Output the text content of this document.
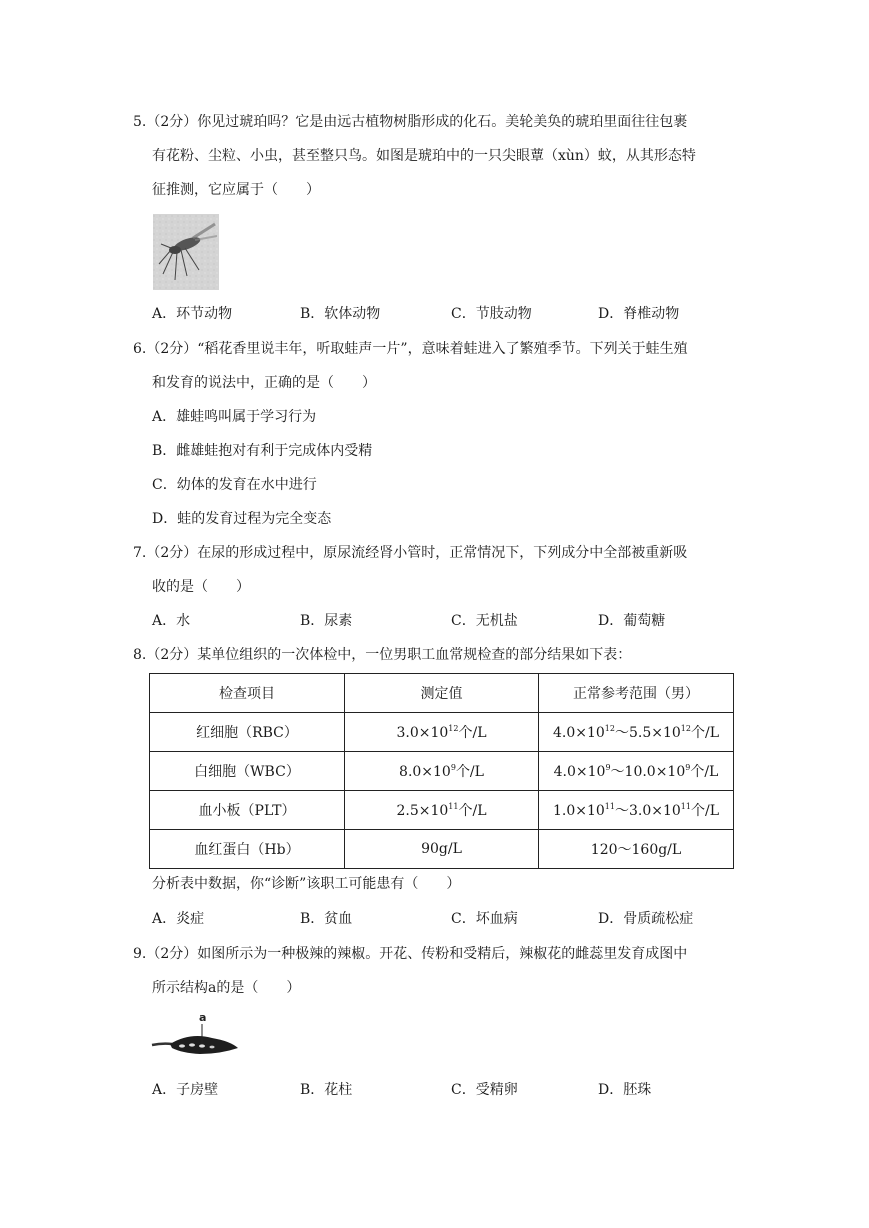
5.（2分）你见过琥珀吗？它是由远古植物树脂形成的化石。美轮美奂的琥珀里面往往包裹
有花粉、尘粒、小虫，甚至整只鸟。如图是琥珀中的一只尖眼蕈（xùn）蚊，从其形态特
征推测，它应属于（　　）
A．环节动物	B．软体动物	C．节肢动物	D．脊椎动物
6.（2分）“稻花香里说丰年，听取蛙声一片”，意味着蛙进入了繁殖季节。下列关于蛙生殖
和发育的说法中，正确的是（　　）
A．雄蛙鸣叫属于学习行为
B．雌雄蛙抱对有利于完成体内受精
C．幼体的发育在水中进行
D．蛙的发育过程为完全变态
7.（2分）在尿的形成过程中，原尿流经肾小管时，正常情况下，下列成分中全部被重新吸
收的是（　　）
A．水	B．尿素	C．无机盐	D．葡萄糖
8.（2分）某单位组织的一次体检中，一位男职工血常规检查的部分结果如下表：
检查项目	测定值	正常参考范围（男）
红细胞（RBC）	$3.0\times 10^{12}$个/L	$4.0\times 10^{12}\sim 5.5\times 10^{12}$个/L
白细胞（WBC）	$8.0\times 10^9$个/L	$4.0\times 10^9\sim 10.0\times 10^9$个/L
血小板（PLT）	$2.5\times 10^{11}$个/L	$1.0\times 10^{11}\sim 3.0\times 10^{11}$个/L
血红蛋白（Hb）	90g/L	120～160g/L
分析表中数据，你“诊断”该职工可能患有（　　）
A．炎症	B．贫血	C．坏血病	D．骨质疏松症
9.（2分）如图所示为一种极辣的辣椒。开花、传粉和受精后，辣椒花的雌蕊里发育成图中
所示结构a的是（　　）
a
A．子房壁	B．花柱	C．受精卵	D．胚珠
